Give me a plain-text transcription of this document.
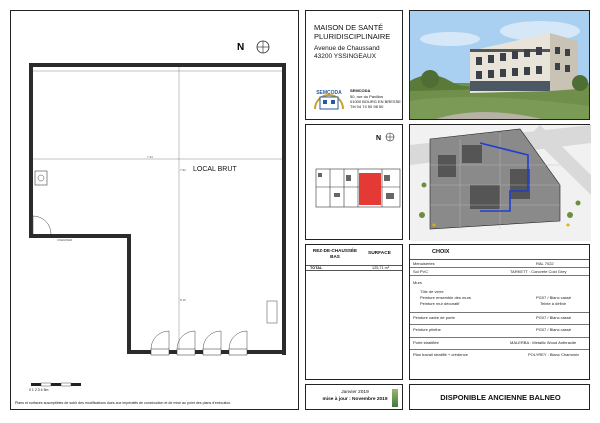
N
7.44
7.92
8.15
CNEMOER
LOCAL BRUT
0 1 2 3 4 5m
Plans et surfaces susceptibles de subir des modifications dues aux impératifs de construction et de mise au point des plans d'exécution.
MAISON DE SANTÉ
PLURIDISCIPLINAIRE
Avenue de Chaussand
43200 YSSINGEAUX
SEMCODA SEMCODA
50, rue du Pavillon
01000 BOURG EN BRESSE
Tél 04 74 50 98 50
N
REZ-DE-CHAUSSÉE BAS
SURFACE
TOTAL	125,71 m²
CHOIX
Menuiseries	RAL 7022
Sol PVC	TARKETT : Concrete Cold Grey
Murs
Tôle de verre
Peinture ensemble des murs	PG07 / Blanc cassé
Peinture mur décoratif	Teinte à définir
Peinture cadre de porte	PG07 / Blanc cassé
Peinture plinthe	PG07 / Blanc cassé
Porte stratifiée	MALERBA : Metallic Wood Anthracite
Plan travail stratifié + crédence	POLYREY : Blanc Chamonix
Janvier 2019
mise à jour : Novembre 2019	DISPONIBLE ANCIENNE BALNEO
